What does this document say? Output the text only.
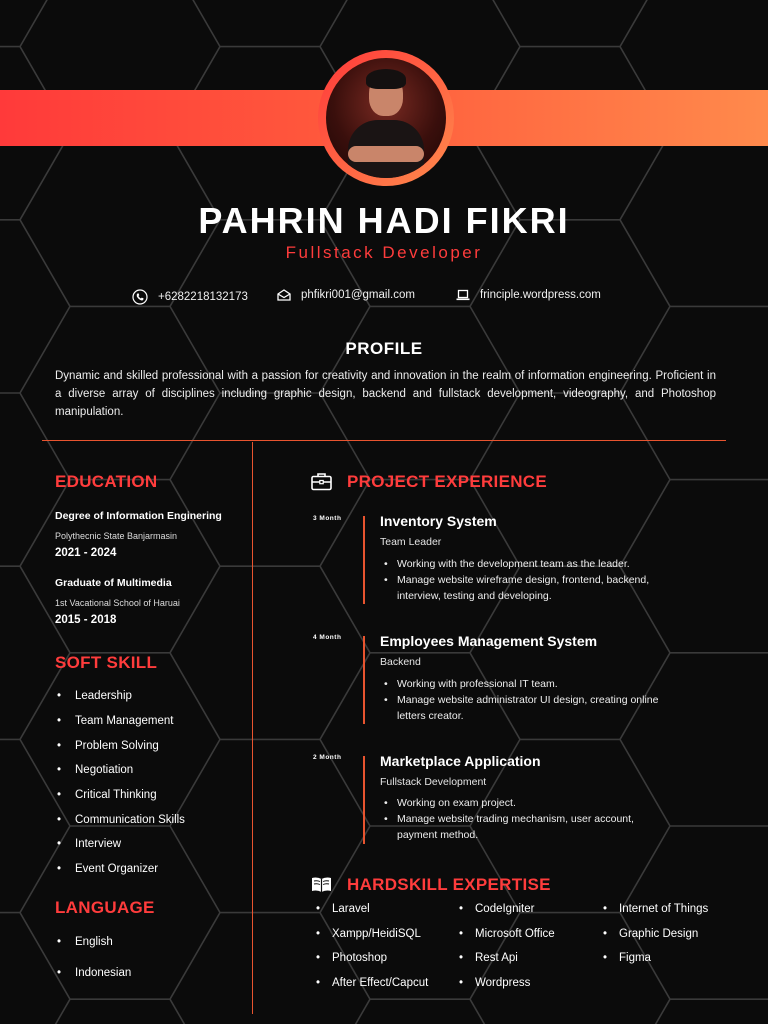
PAHRIN HADI FIKRI
Fullstack Developer
+6282218132173	phfikri001@gmail.com	frinciple.wordpress.com
PROFILE
Dynamic and skilled professional with a passion for creativity and innovation in the realm of information engineering. Proficient in a diverse array of disciplines including graphic design, backend and fullstack development, videography, and Photoshop manipulation.
EDUCATION
Degree of Information Enginering
Polythecnic State Banjarmasin
2021 - 2024
Graduate of Multimedia
1st Vacational School of Haruai
2015 - 2018
SOFT SKILL
• Leadership
• Team Management
• Problem Solving
• Negotiation
• Critical Thinking
• Communication Skills
• Interview
• Event Organizer
LANGUAGE
• English
• Indonesian
PROJECT EXPERIENCE
3 Month	Inventory System
Team Leader
• Working with the development team as the leader.
• Manage website wireframe design, frontend, backend, interview, testing and developing.
4 Month	Employees Management System
Backend
• Working with professional IT team.
• Manage website administrator UI design, creating online letters creator.
2 Month	Marketplace Application
Fullstack Development
• Working on exam project.
• Manage website trading mechanism, user account, payment method.
HARDSKILL EXPERTISE
• Laravel
• Xampp/HeidiSQL
• Photoshop
• After Effect/Capcut
• CodeIgniter
• Microsoft Office
• Rest Api
• Wordpress
• Internet of Things
• Graphic Design
• Figma
